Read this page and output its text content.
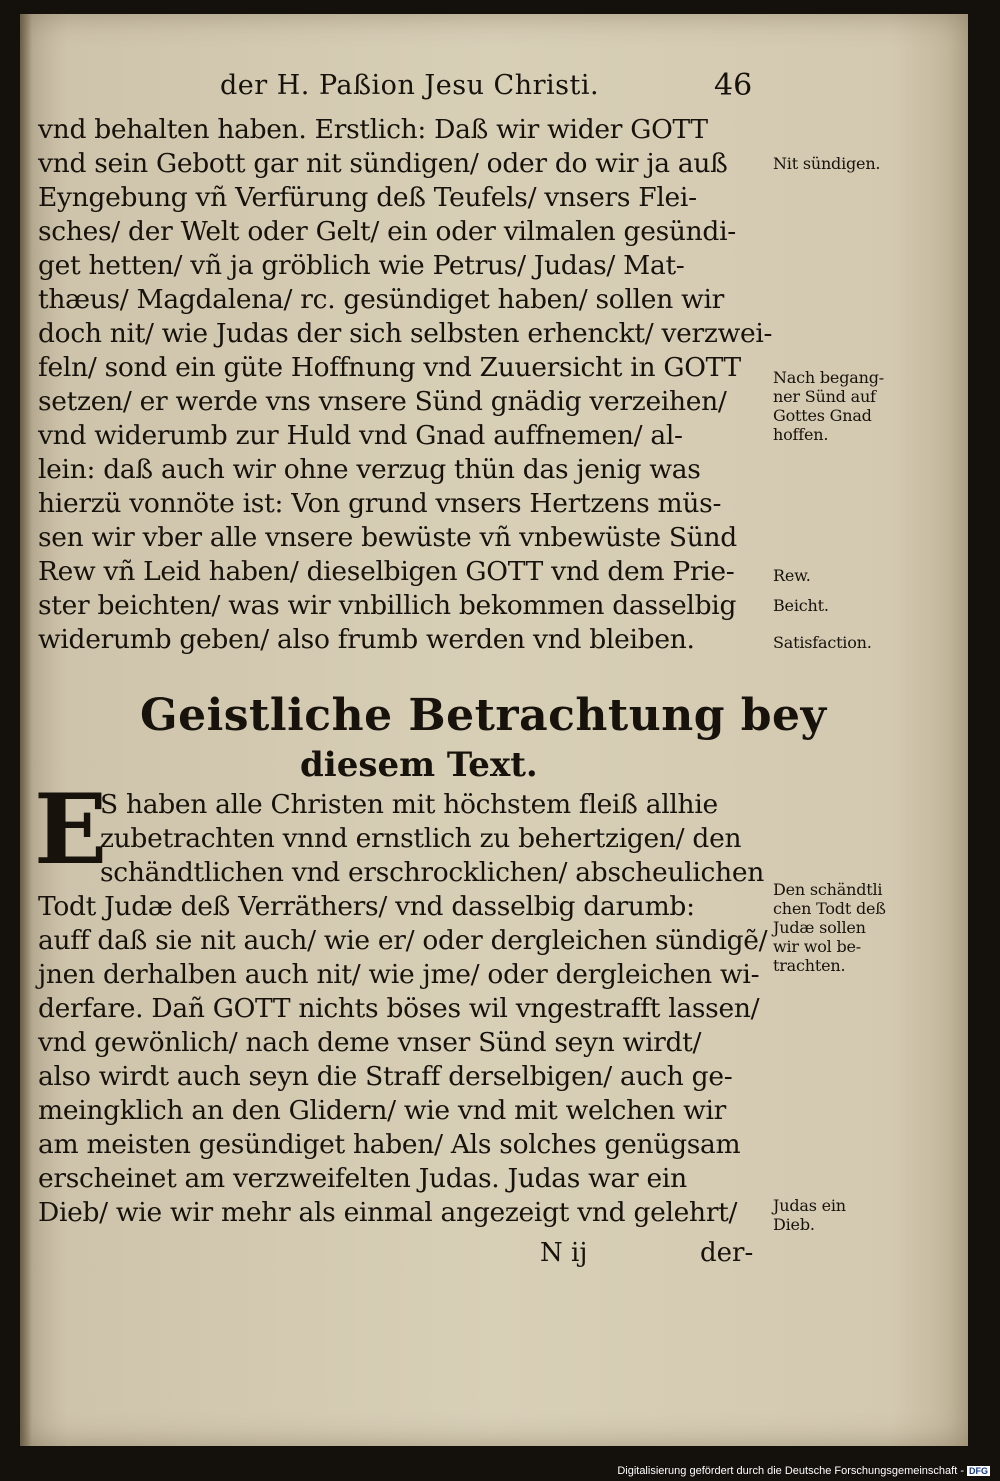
der H. Paßion Jesu Christi.	46
vnd behalten haben. Erstlich: Daß wir wider GOTT
vnd sein Gebott gar nit sündigen/ oder do wir ja auß
Eyngebung vñ Verfürung deß Teufels/ vnsers Flei-
sches/ der Welt oder Gelt/ ein oder vilmalen gesündi-
get hetten/ vñ ja gröblich wie Petrus/ Judas/ Mat-
thæus/ Magdalena/ rc. gesündiget haben/ sollen wir
doch nit/ wie Judas der sich selbsten erhenckt/ verzwei-
feln/ sond ein güte Hoffnung vnd Zuuersicht in GOTT
setzen/ er werde vns vnsere Sünd gnädig verzeihen/
vnd widerumb zur Huld vnd Gnad auffnemen/ al-
lein: daß auch wir ohne verzug thün das jenig was
hierzü vonnöte ist: Von grund vnsers Hertzens müs-
sen wir vber alle vnsere bewüste vñ vnbewüste Sünd
Rew vñ Leid haben/ dieselbigen GOTT vnd dem Prie-
ster beichten/ was wir vnbillich bekommen dasselbig
widerumb geben/ also frumb werden vnd bleiben.
Geistliche Betrachtung bey
diesem Text.
E
S haben alle Christen mit höchstem fleiß allhie
zubetrachten vnnd ernstlich zu behertzigen/ den
schändtlichen vnd erschrocklichen/ abscheulichen
Todt Judæ deß Verräthers/ vnd dasselbig darumb:
auff daß sie nit auch/ wie er/ oder dergleichen sündigẽ/
jnen derhalben auch nit/ wie jme/ oder dergleichen wi-
derfare. Dañ GOTT nichts böses wil vngestrafft lassen/
vnd gewönlich/ nach deme vnser Sünd seyn wirdt/
also wirdt auch seyn die Straff derselbigen/ auch ge-
meingklich an den Glidern/ wie vnd mit welchen wir
am meisten gesündiget haben/ Als solches genügsam
erscheinet am verzweifelten Judas. Judas war ein
Dieb/ wie wir mehr als einmal angezeigt vnd gelehrt/
N ij	der-
Nit sündigen.
Nach begang-
ner Sünd auf
Gottes Gnad
hoffen.
Rew.
Beicht.
Satisfaction.
Den schändtli
chen Todt deß
Judæ sollen
wir wol be-
trachten.
Judas ein
Dieb.
Digitalisierung gefördert durch die Deutsche Forschungsgemeinschaft - DFG
